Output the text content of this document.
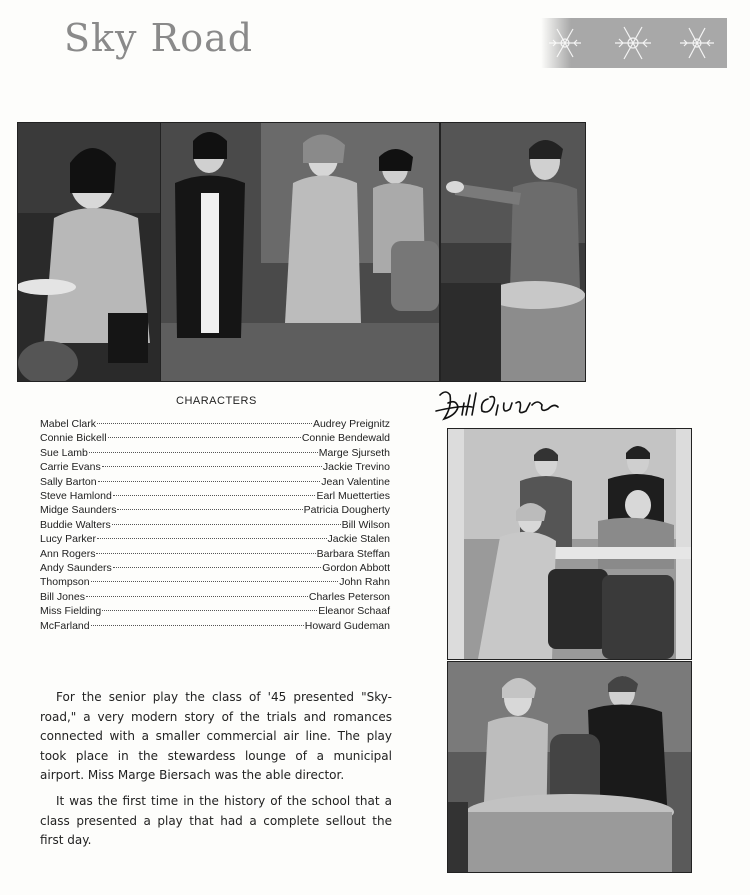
Sky Road
CHARACTERS
Mabel Clark	Audrey Preignitz
Connie Bickell	Connie Bendewald
Sue Lamb	Marge Sjurseth
Carrie Evans	Jackie Trevino
Sally Barton	Jean Valentine
Steve Hamlond	Earl Muetterties
Midge Saunders	Patricia Dougherty
Buddie Walters	Bill Wilson
Lucy Parker	Jackie Stalen
Ann Rogers	Barbara Steffan
Andy Saunders	Gordon Abbott
Thompson	John Rahn
Bill Jones	Charles Peterson
Miss Fielding	Eleanor Schaaf
McFarland	Howard Gudeman

For the senior play the class of '45 presented "Sky-road," a very modern story of the trials and romances connected with a smaller commercial air line. The play took place in the stewardess lounge of a municipal airport. Miss Marge Biersach was the able director.

It was the first time in the history of the school that a class presented a play that had a complete sellout the first day.
